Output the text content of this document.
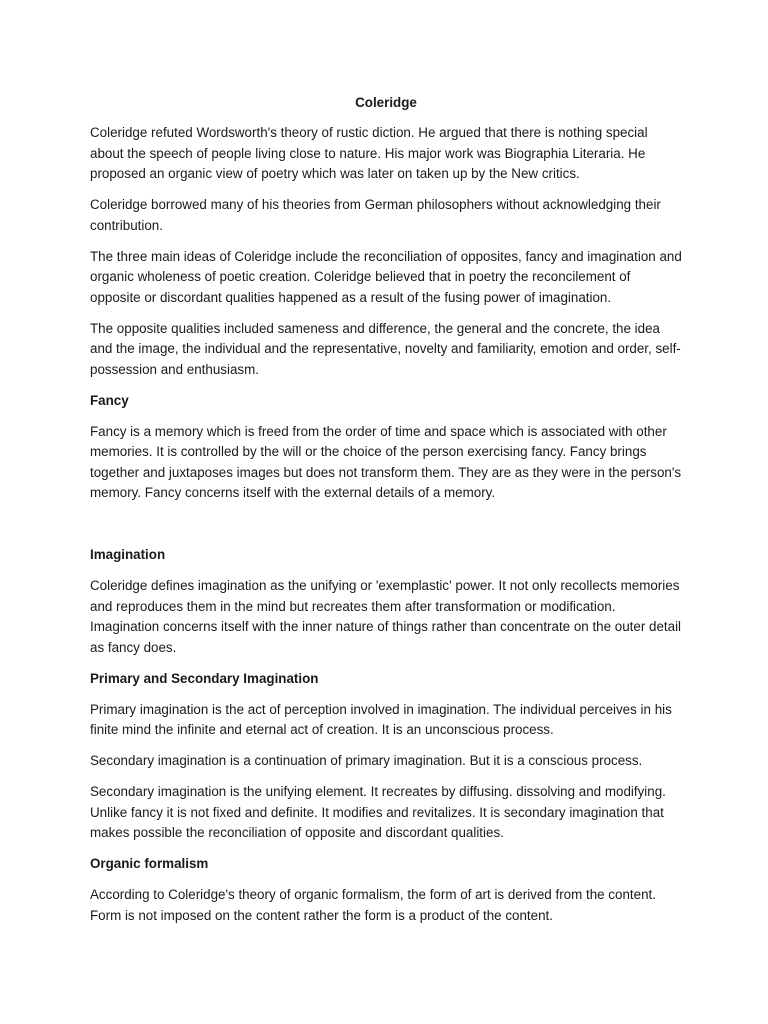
Coleridge

Coleridge refuted Wordsworth's theory of rustic diction. He argued that there is nothing special about the speech of people living close to nature. His major work was Biographia Literaria. He proposed an organic view of poetry which was later on taken up by the New critics.

Coleridge borrowed many of his theories from German philosophers without acknowledging their contribution.

The three main ideas of Coleridge include the reconciliation of opposites, fancy and imagination and organic wholeness of poetic creation. Coleridge believed that in poetry the reconcilement of opposite or discordant qualities happened as a result of the fusing power of imagination.

The opposite qualities included sameness and difference, the general and the concrete, the idea and the image, the individual and the representative, novelty and familiarity, emotion and order, self-possession and enthusiasm.

Fancy

Fancy is a memory which is freed from the order of time and space which is associated with other memories. It is controlled by the will or the choice of the person exercising fancy. Fancy brings together and juxtaposes images but does not transform them. They are as they were in the person's memory. Fancy concerns itself with the external details of a memory.

Imagination

Coleridge defines imagination as the unifying or 'exemplastic' power. It not only recollects memories and reproduces them in the mind but recreates them after transformation or modification. Imagination concerns itself with the inner nature of things rather than concentrate on the outer detail as fancy does.

Primary and Secondary Imagination

Primary imagination is the act of perception involved in imagination. The individual perceives in his finite mind the infinite and eternal act of creation. It is an unconscious process.

Secondary imagination is a continuation of primary imagination. But it is a conscious process.

Secondary imagination is the unifying element. It recreates by diffusing. dissolving and modifying. Unlike fancy it is not fixed and definite. It modifies and revitalizes. It is secondary imagination that makes possible the reconciliation of opposite and discordant qualities.

Organic formalism

According to Coleridge's theory of organic formalism, the form of art is derived from the content. Form is not imposed on the content rather the form is a product of the content.
